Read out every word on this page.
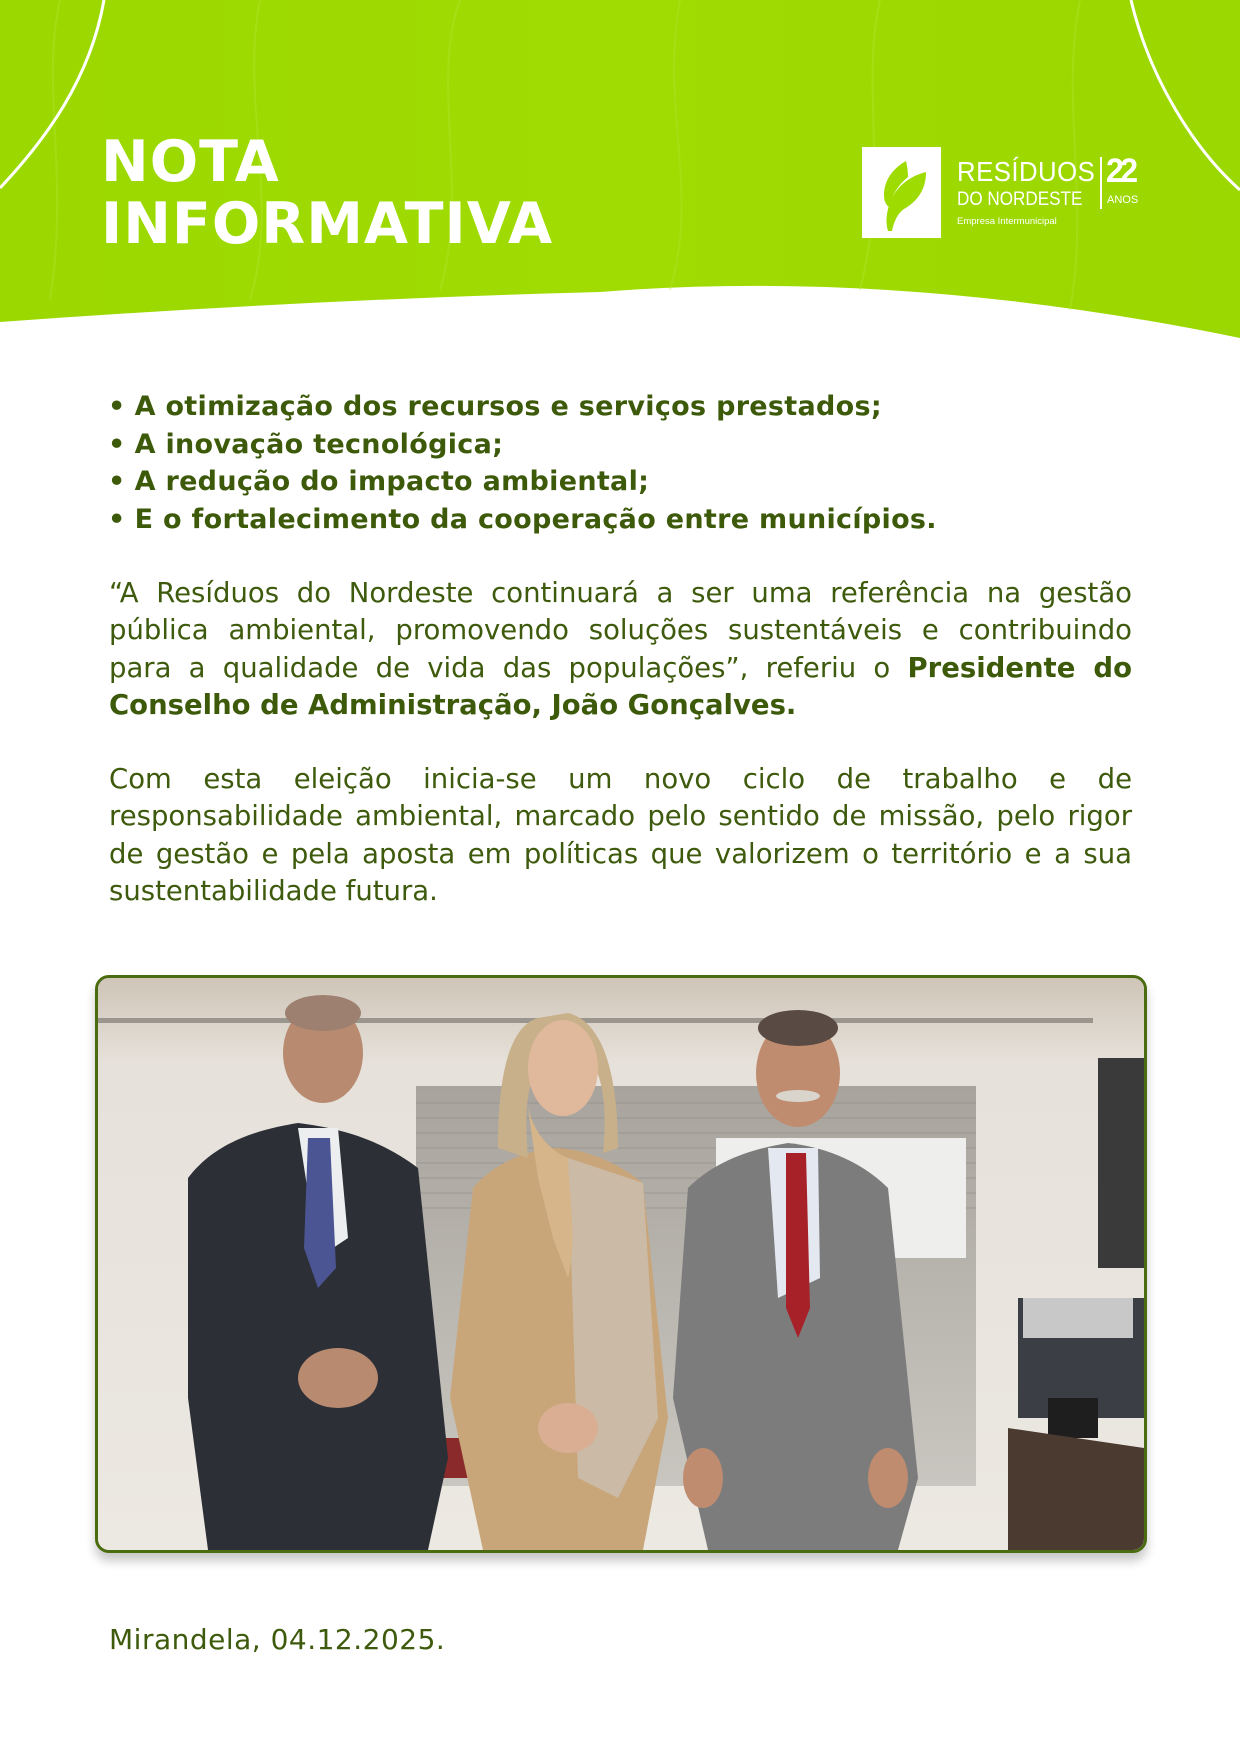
NOTA
INFORMATIVA
RESÍDUOS
DO NORDESTE
Empresa Intermunicipal
22
ANOS
• A otimização dos recursos e serviços prestados;
• A inovação tecnológica;
• A redução do impacto ambiental;
• E o fortalecimento da cooperação entre municípios.

“A Resíduos do Nordeste continuará a ser uma referência na gestão pública ambiental, promovendo soluções sustentáveis e contribuindo para a qualidade de vida das populações”, referiu o Presidente do Conselho de Administração, João Gonçalves.

Com esta eleição inicia-se um novo ciclo de trabalho e de responsabilidade ambiental, marcado pelo sentido de missão, pelo rigor de gestão e pela aposta em políticas que valorizem o território e a sua sustentabilidade futura.

Mirandela, 04.12.2025.
